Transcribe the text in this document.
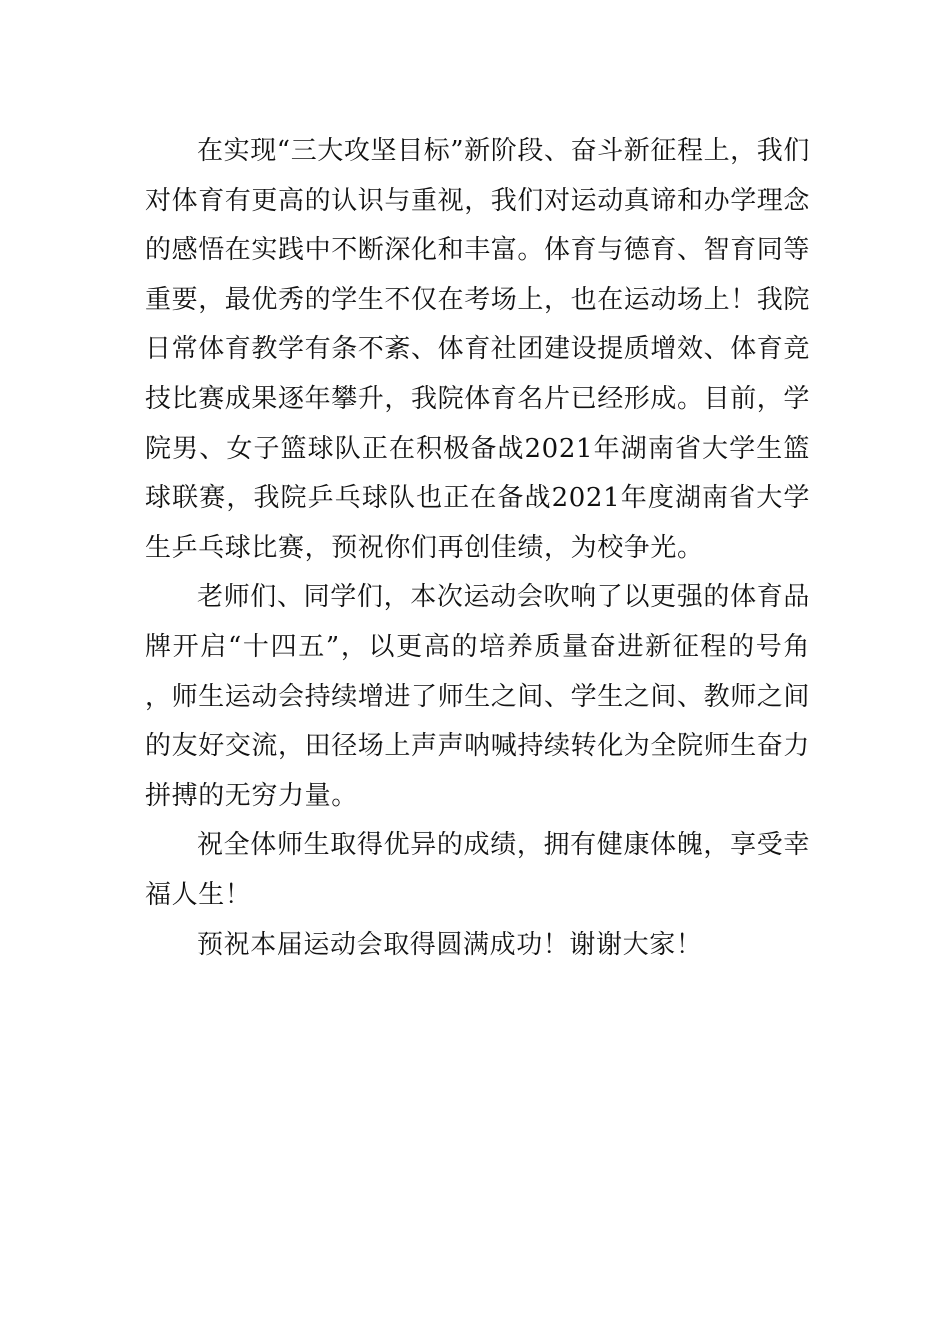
在实现“三大攻坚目标”新阶段、奋斗新征程上，我们对体育有更高的认识与重视，我们对运动真谛和办学理念的感悟在实践中不断深化和丰富。体育与德育、智育同等重要，最优秀的学生不仅在考场上，也在运动场上！我院日常体育教学有条不紊、体育社团建设提质增效、体育竞技比赛成果逐年攀升，我院体育名片已经形成。目前，学院男、女子篮球队正在积极备战2021年湖南省大学生篮球联赛，我院乒乓球队也正在备战2021年度湖南省大学生乒乓球比赛，预祝你们再创佳绩，为校争光。

老师们、同学们，本次运动会吹响了以更强的体育品牌开启“十四五”，以更高的培养质量奋进新征程的号角，师生运动会持续增进了师生之间、学生之间、教师之间的友好交流，田径场上声声呐喊持续转化为全院师生奋力拼搏的无穷力量。

祝全体师生取得优异的成绩，拥有健康体魄，享受幸福人生！

预祝本届运动会取得圆满成功！谢谢大家！
